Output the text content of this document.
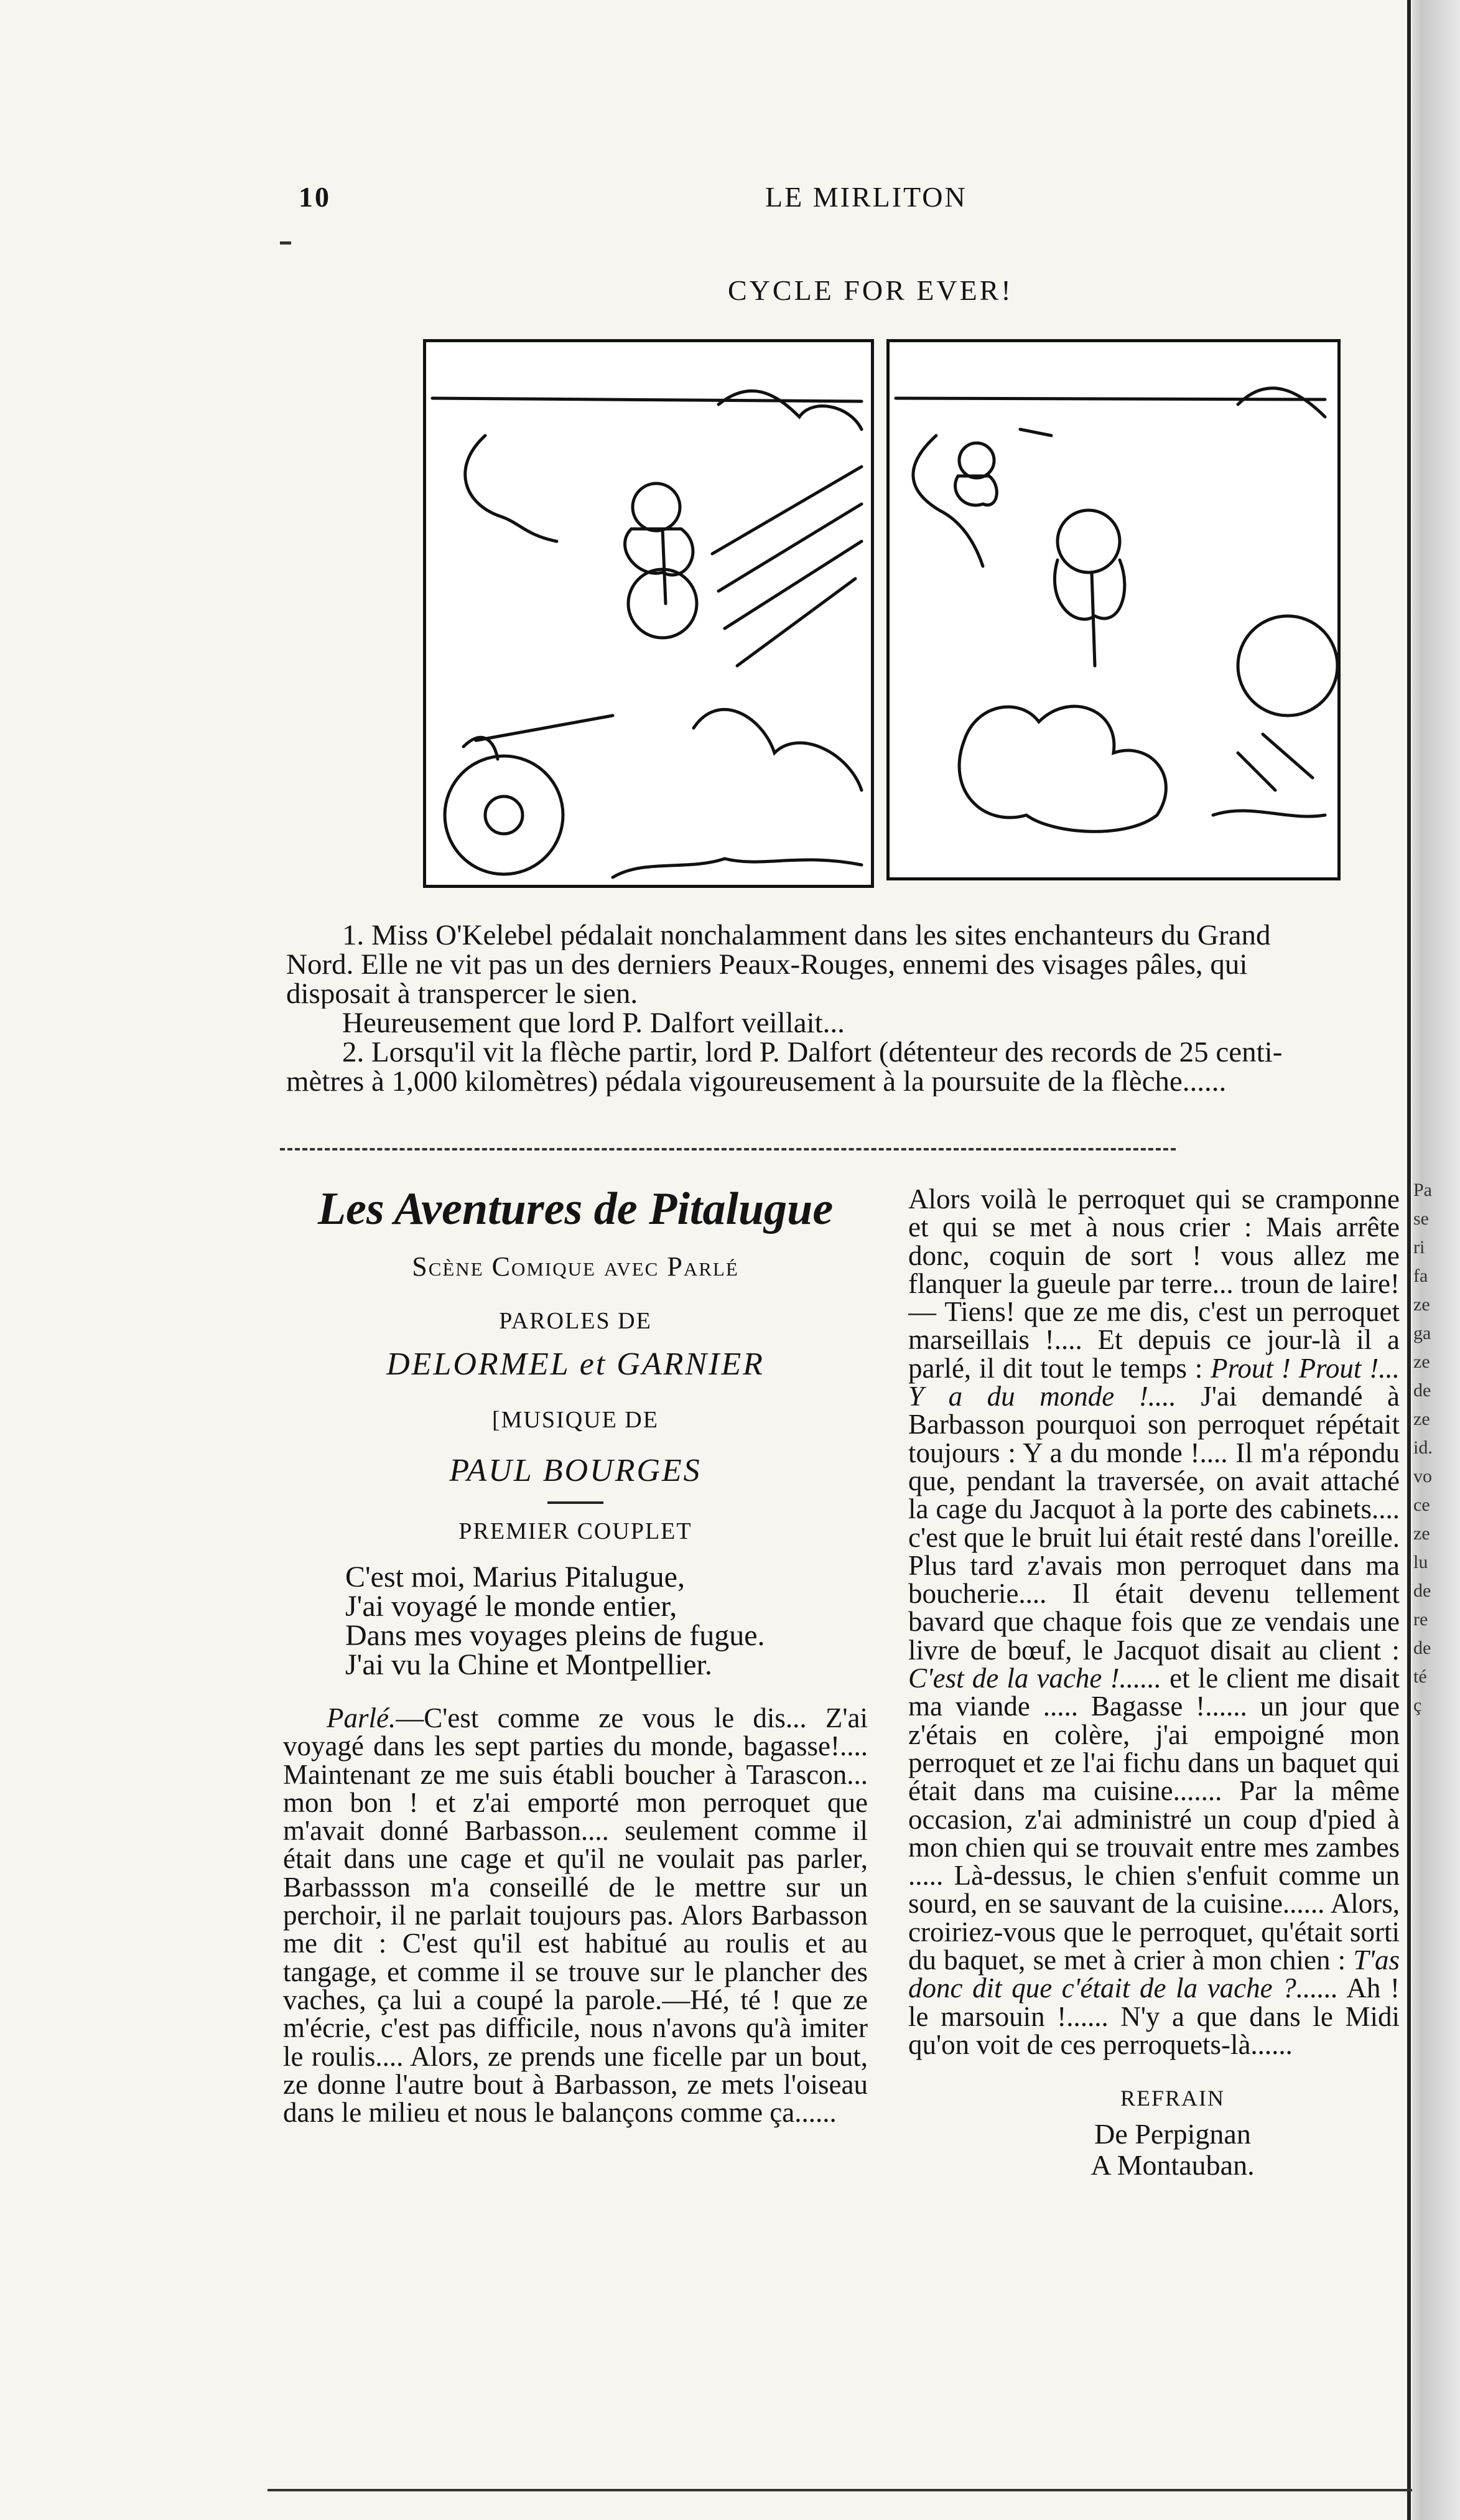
10	LE MIRLITON
CYCLE FOR EVER!

1. Miss O'Kelebel pédalait nonchalamment dans les sites enchanteurs du Grand

Nord. Elle ne vit pas un des derniers Peaux-Rouges, ennemi des visages pâles, qui

disposait à transpercer le sien.

Heureusement que lord P. Dalfort veillait...

2. Lorsqu'il vit la flèche partir, lord P. Dalfort (détenteur des records de 25 centi-

mètres à 1,000 kilomètres) pédala vigoureusement à la poursuite de la flèche......

Les Aventures de Pitalugue

Scène Comique avec Parlé

PAROLES DE

DELORMEL et GARNIER

[MUSIQUE DE

PAUL BOURGES

PREMIER COUPLET

C'est moi, Marius Pitalugue,
J'ai voyagé le monde entier,
Dans mes voyages pleins de fugue.
J'ai vu la Chine et Montpellier.

Parlé.—C'est comme ze vous le dis... Z'ai voyagé dans les sept parties du monde, bagasse!.... Maintenant ze me suis établi boucher à Tarascon... mon bon ! et z'ai emporté mon perroquet que m'avait donné Barbasson.... seulement comme il était dans une cage et qu'il ne voulait pas parler, Barbassson m'a conseillé de le mettre sur un perchoir, il ne parlait toujours pas. Alors Barbasson me dit : C'est qu'il est habitué au roulis et au tangage, et comme il se trouve sur le plancher des vaches, ça lui a coupé la parole.—Hé, té ! que ze m'écrie, c'est pas difficile, nous n'avons qu'à imiter le roulis.... Alors, ze prends une ficelle par un bout, ze donne l'autre bout à Barbasson, ze mets l'oiseau dans le milieu et nous le balançons comme ça......

Alors voilà le perroquet qui se cramponne et qui se met à nous crier : Mais arrête donc, coquin de sort ! vous allez me flanquer la gueule par terre... troun de laire! — Tiens! que ze me dis, c'est un perroquet marseillais !.... Et depuis ce jour-là il a parlé, il dit tout le temps : Prout ! Prout !... Y a du monde !.... J'ai demandé à Barbasson pourquoi son perroquet répétait toujours : Y a du monde !.... Il m'a répondu que, pendant la traversée, on avait attaché la cage du Jacquot à la porte des cabinets.... c'est que le bruit lui était resté dans l'oreille. Plus tard z'avais mon perroquet dans ma boucherie.... Il était devenu tellement bavard que chaque fois que ze vendais une livre de bœuf, le Jacquot disait au client : C'est de la vache !...... et le client me disait ma viande ..... Bagasse !...... un jour que z'étais en colère, j'ai empoigné mon perroquet et ze l'ai fichu dans un baquet qui était dans ma cuisine....... Par la même occasion, z'ai administré un coup d'pied à mon chien qui se trouvait entre mes zambes ..... Là-dessus, le chien s'enfuit comme un sourd, en se sauvant de la cuisine...... Alors, croiriez-vous que le perroquet, qu'était sorti du baquet, se met à crier à mon chien : T'as donc dit que c'était de la vache ?...... Ah ! le marsouin !...... N'y a que dans le Midi qu'on voit de ces perroquets-là......

REFRAIN

De Perpignan

A Montauban.

Pa
se
ri
fa
ze
ga
ze
de
ze
id.
vo
ce
ze
lu
de
re
de
té
ç
